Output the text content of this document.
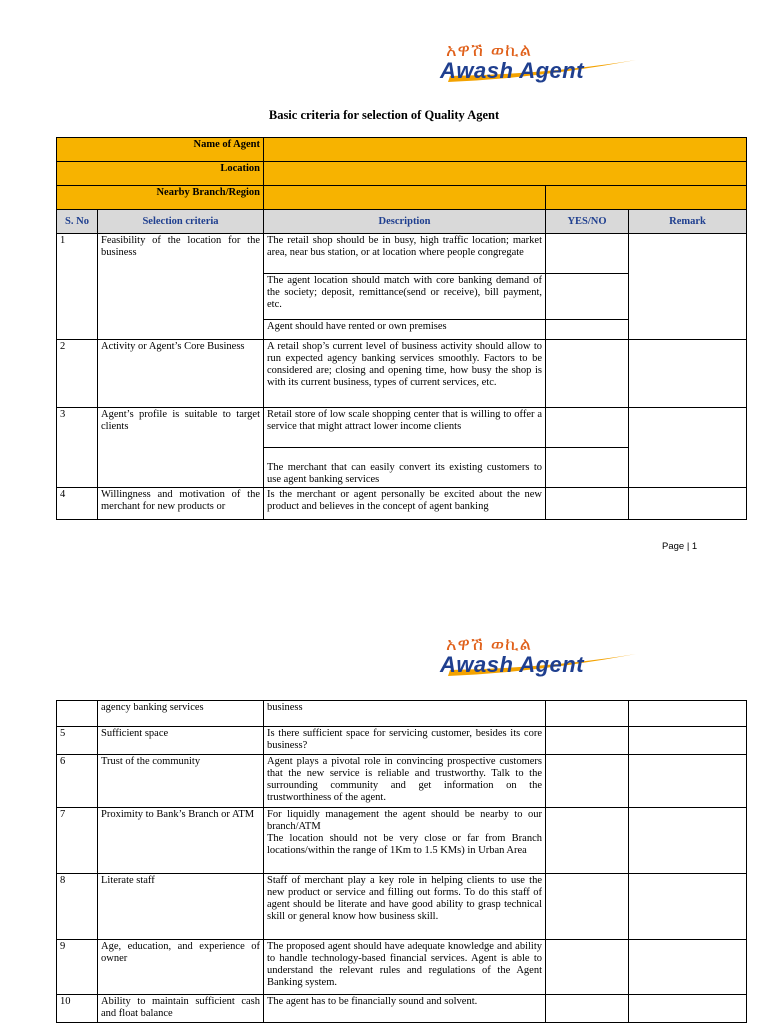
አዋሽ ወኪል
Awash Agent
Basic criteria for selection of Quality Agent
Name of Agent				
Location				
Nearby Branch/Region				
S. No	Selection criteria	Description	YES/NO	Remark
1	Feasibility of the location for the business	The retail shop should be in busy, high traffic location; market area, near bus station, or at location where people congregate		
		The agent location should match with core banking demand of the society; deposit, remittance(send or receive), bill payment, etc.		
		Agent should have rented or own premises		
2	Activity or Agent’s Core Business	A retail shop’s current level of business activity should allow to run expected agency banking services smoothly. Factors to be considered are; closing and opening time, how busy the shop is with its current business, types of current services, etc.		
3	Agent’s profile is suitable to target clients	Retail store of low scale shopping center that is willing to offer a service that might attract lower income clients		
		The merchant that can easily convert its existing customers to use agent banking services		
4	Willingness and motivation of the merchant for new products or	Is the merchant or agent personally be excited about the new product and believes in the concept of agent banking		
Page | 1
አዋሽ ወኪል
Awash Agent
	agency banking services	business		
5	Sufficient space	Is there sufficient space for servicing customer, besides its core business?		
6	Trust of the community	Agent plays a pivotal role in convincing prospective customers that the new service is reliable and trustworthy. Talk to the surrounding community and get information on the trustworthiness of the agent.		
7	Proximity to Bank’s Branch or ATM	For liquidly management the agent should be nearby to our branch/ATM
The location should not be very close or far from Branch locations/within the range of 1Km to 1.5 KMs) in Urban Area		
8	Literate staff	Staff of merchant play a key role in helping clients to use the new product or service and filling out forms. To do this staff of agent should be literate and have good ability to grasp technical skill or general know how business skill.		
9	Age, education, and experience of owner	The proposed agent should have adequate knowledge and ability to handle technology-based financial services. Agent is able to understand the relevant rules and regulations of the Agent Banking system.		
10	Ability to maintain sufficient cash and float balance	The agent has to be financially sound and solvent.		
